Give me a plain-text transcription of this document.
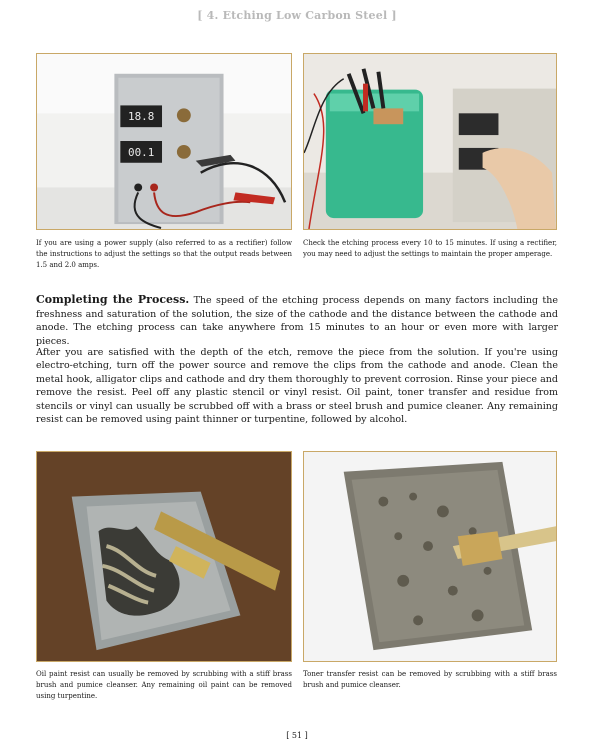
[ 4. Etching Low Carbon Steel ]
18.8
00.1
If you are using a power supply (also referred to as a rectifier) follow the instructions to adjust the settings so that the output reads between 1.5 and 2.0 amps.
Check the etching process every 10 to 15 minutes. If using a rectifier, you may need to adjust the settings to maintain the proper amperage.
Completing the Process. The speed of the etching process depends on many factors including the freshness and saturation of the solution, the size of the cathode and the distance between the cathode and anode. The etching process can take anywhere from 15 minutes to an hour or even more with larger pieces.
After you are satisfied with the depth of the etch, remove the piece from the solution. If you're using electro-etching, turn off the power source and remove the clips from the cathode and anode. Clean the metal hook, alligator clips and cathode and dry them thoroughly to prevent corrosion. Rinse your piece and remove the resist. Peel off any plastic stencil or vinyl resist. Oil paint, toner transfer and residue from stencils or vinyl can usually be scrubbed off with a brass or steel brush and pumice cleaner. Any remaining resist can be removed using paint thinner or turpentine, followed by alcohol.
Oil paint resist can usually be removed by scrubbing with a stiff brass brush and pumice cleanser. Any remaining oil paint can be removed using turpentine.
Toner transfer resist can be removed by scrubbing with a stiff brass brush and pumice cleanser.
[ 51 ]
